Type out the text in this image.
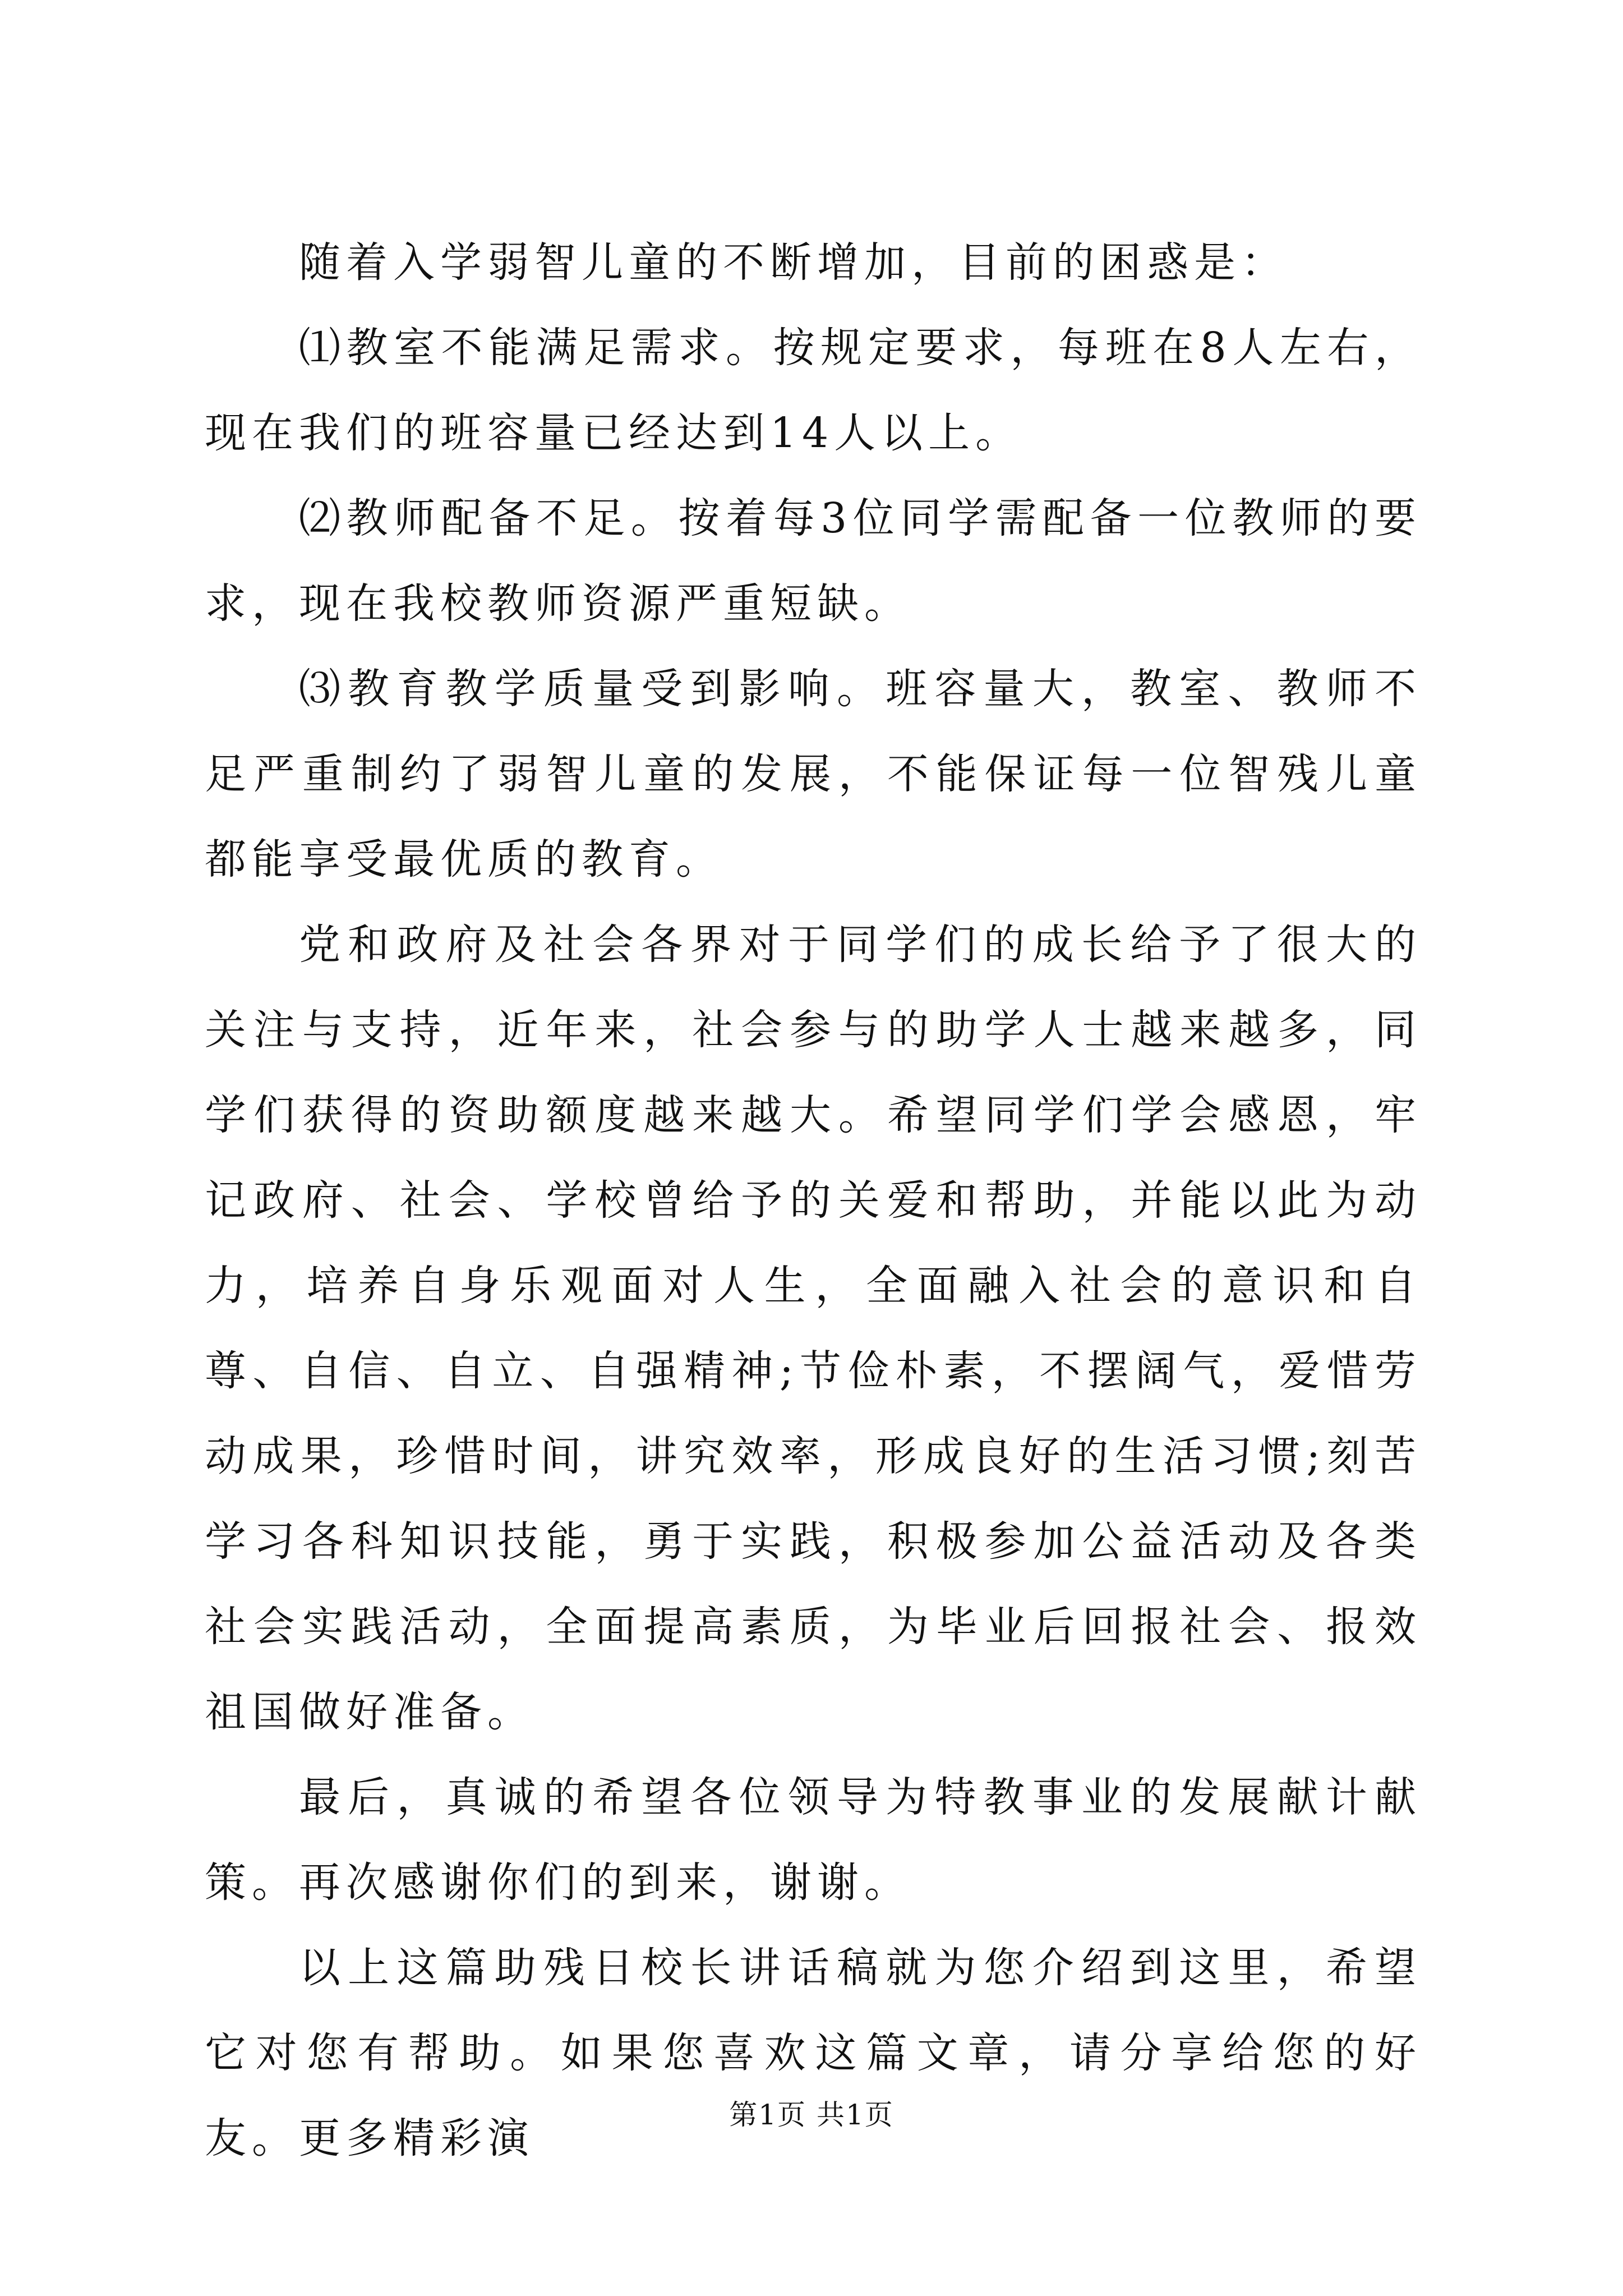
随着入学弱智儿童的不断增加，目前的困惑是：

⑴教室不能满足需求。按规定要求，每班在8人左右，现在我们的班容量已经达到14人以上。

⑵教师配备不足。按着每3位同学需配备一位教师的要求，现在我校教师资源严重短缺。

⑶教育教学质量受到影响。班容量大，教室、教师不足严重制约了弱智儿童的发展，不能保证每一位智残儿童都能享受最优质的教育。

党和政府及社会各界对于同学们的成长给予了很大的关注与支持，近年来，社会参与的助学人士越来越多，同学们获得的资助额度越来越大。希望同学们学会感恩，牢记政府、社会、学校曾给予的关爱和帮助，并能以此为动力，培养自身乐观面对人生，全面融入社会的意识和自尊、自信、自立、自强精神;节俭朴素，不摆阔气，爱惜劳动成果，珍惜时间，讲究效率，形成良好的生活习惯;刻苦学习各科知识技能，勇于实践，积极参加公益活动及各类社会实践活动，全面提高素质，为毕业后回报社会、报效祖国做好准备。

最后，真诚的希望各位领导为特教事业的发展献计献策。再次感谢你们的到来，谢谢。

以上这篇助残日校长讲话稿就为您介绍到这里，希望它对您有帮助。如果您喜欢这篇文章，请分享给您的好友。更多精彩演	第1页 共1页
